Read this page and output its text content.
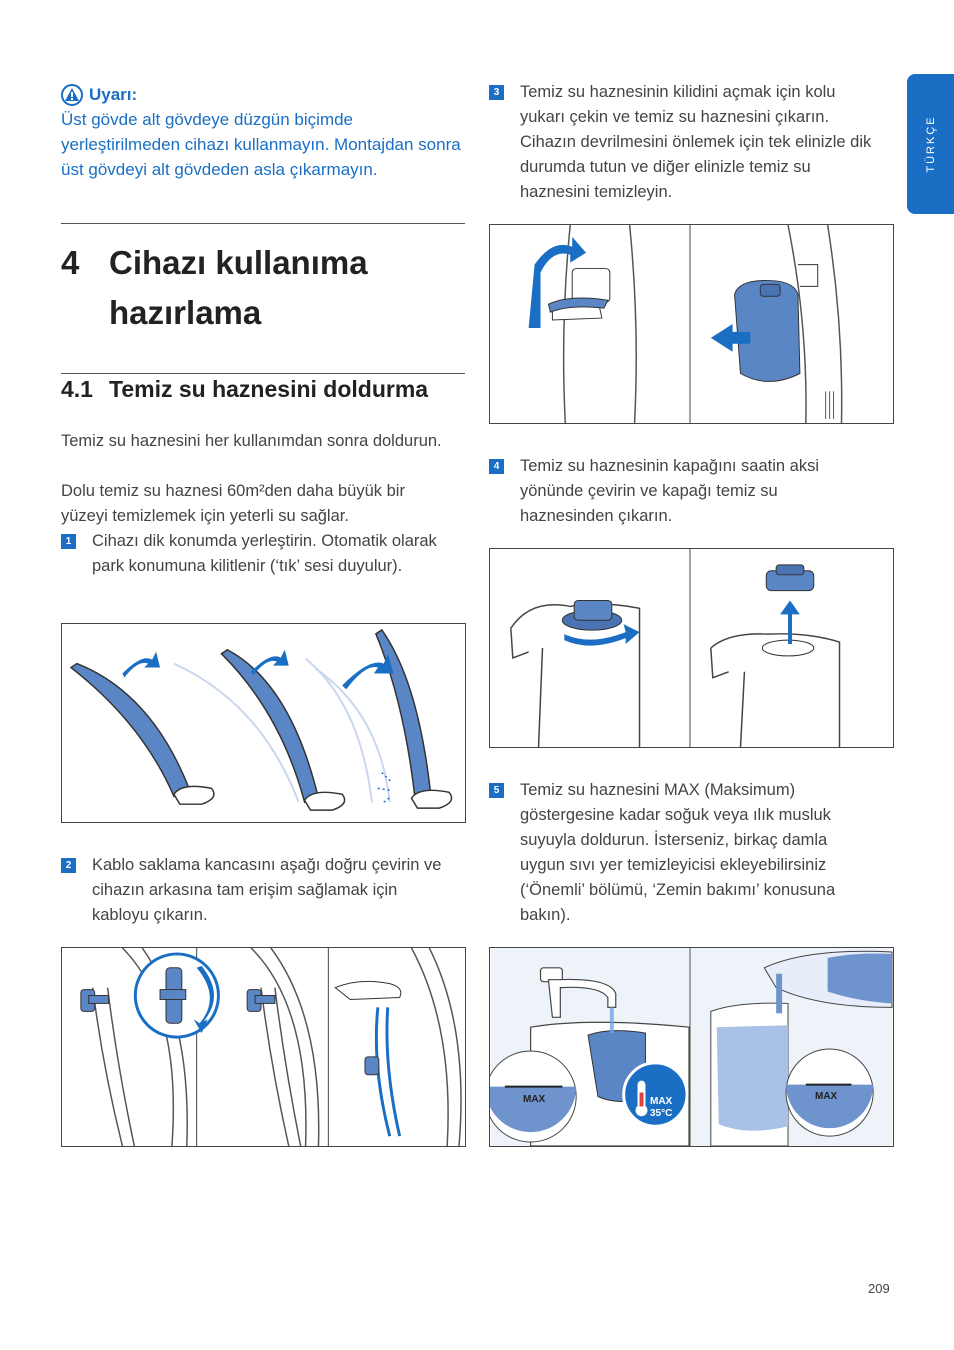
TÜRKÇE
Uyarı:
Üst gövde alt gövdeye düzgün biçimde yerleştirilmeden cihazı kullanmayın. Montajdan sonra üst gövdeyi alt gövdeden asla çıkarmayın.
4 Cihazı kullanıma hazırlama
4.1 Temiz su haznesini doldurma
Temiz su haznesini her kullanımdan sonra doldurun.
Dolu temiz su haznesi 60m²den daha büyük bir yüzeyi temizlemek için yeterli su sağlar.
1 Cihazı dik konumda yerleştirin. Otomatik olarak park konumuna kilitlenir (‘tık’ sesi duyulur).
2 Kablo saklama kancasını aşağı doğru çevirin ve cihazın arkasına tam erişim sağlamak için kabloyu çıkarın.
3 Temiz su haznesinin kilidini açmak için kolu yukarı çekin ve temiz su haznesini çıkarın. Cihazın devrilmesini önlemek için tek elinizle dik durumda tutun ve diğer elinizle temiz su haznesini temizleyin.
4 Temiz su haznesinin kapağını saatin aksi yönünde çevirin ve kapağı temiz su haznesinden çıkarın.
5 Temiz su haznesini MAX (Maksimum) göstergesine kadar soğuk veya ılık musluk suyuyla doldurun. İsterseniz, birkaç damla uygun sıvı yer temizleyicisi ekleyebilirsiniz (‘Önemli’ bölümü, ‘Zemin bakımı’ konusuna bakın).
MAX	MAX
35°C
MAX
209
